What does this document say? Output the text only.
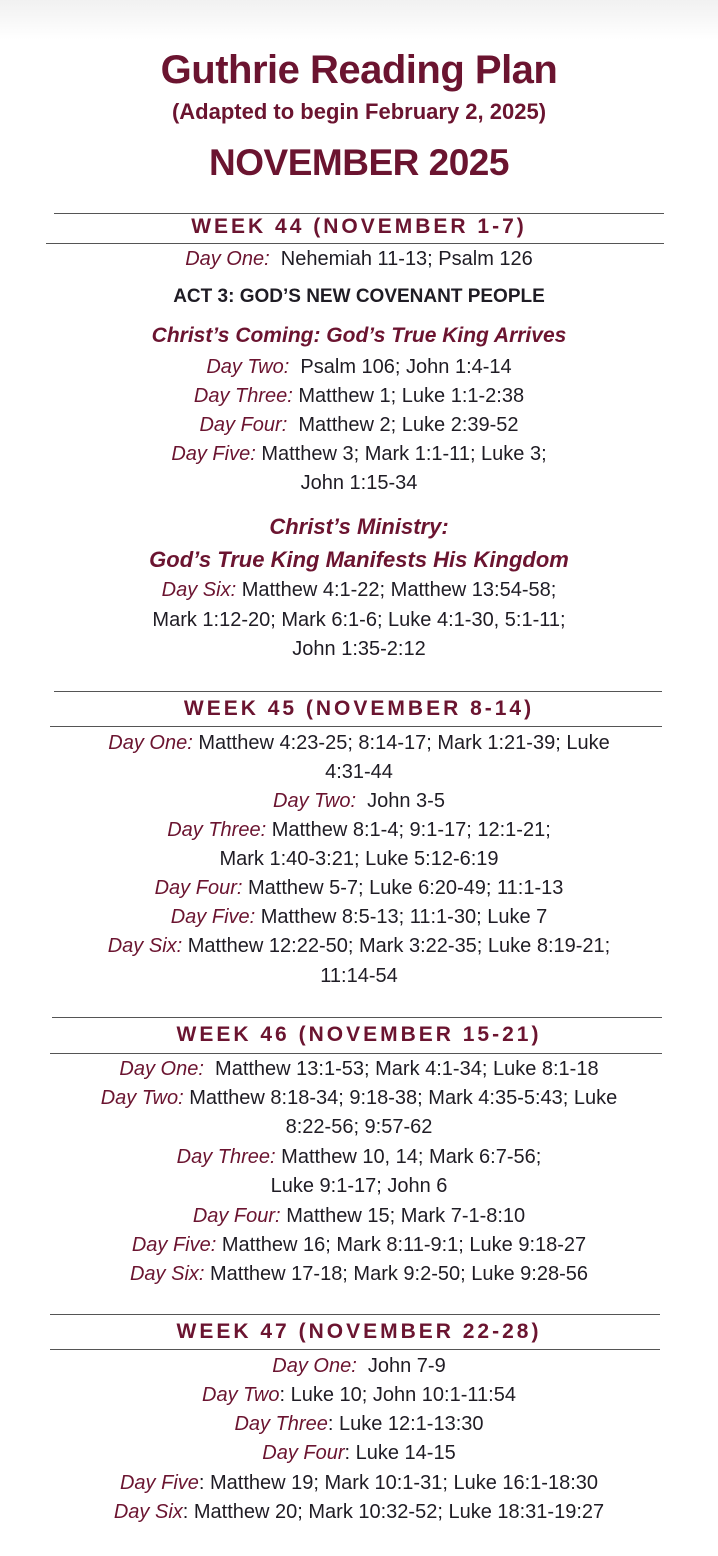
Guthrie Reading Plan
(Adapted to begin February 2, 2025)
NOVEMBER 2025
WEEK 44 (NOVEMBER 1-7)
Day One: Nehemiah 11-13; Psalm 126
ACT 3: GOD’S NEW COVENANT PEOPLE
Christ’s Coming: God’s True King Arrives
Day Two: Psalm 106; John 1:4-14
Day Three: Matthew 1; Luke 1:1-2:38
Day Four: Matthew 2; Luke 2:39-52
Day Five: Matthew 3; Mark 1:1-11; Luke 3;
John 1:15-34
Christ’s Ministry:
God’s True King Manifests His Kingdom
Day Six: Matthew 4:1-22; Matthew 13:54-58;
Mark 1:12-20; Mark 6:1-6; Luke 4:1-30, 5:1-11;
John 1:35-2:12
WEEK 45 (NOVEMBER 8-14)
Day One: Matthew 4:23-25; 8:14-17; Mark 1:21-39; Luke
4:31-44
Day Two: John 3-5
Day Three: Matthew 8:1-4; 9:1-17; 12:1-21;
Mark 1:40-3:21; Luke 5:12-6:19
Day Four: Matthew 5-7; Luke 6:20-49; 11:1-13
Day Five: Matthew 8:5-13; 11:1-30; Luke 7
Day Six: Matthew 12:22-50; Mark 3:22-35; Luke 8:19-21;
11:14-54
WEEK 46 (NOVEMBER 15-21)
Day One: Matthew 13:1-53; Mark 4:1-34; Luke 8:1-18
Day Two: Matthew 8:18-34; 9:18-38; Mark 4:35-5:43; Luke
8:22-56; 9:57-62
Day Three: Matthew 10, 14; Mark 6:7-56;
Luke 9:1-17; John 6
Day Four: Matthew 15; Mark 7-1-8:10
Day Five: Matthew 16; Mark 8:11-9:1; Luke 9:18-27
Day Six: Matthew 17-18; Mark 9:2-50; Luke 9:28-56
WEEK 47 (NOVEMBER 22-28)
Day One: John 7-9
Day Two: Luke 10; John 10:1-11:54
Day Three: Luke 12:1-13:30
Day Four: Luke 14-15
Day Five: Matthew 19; Mark 10:1-31; Luke 16:1-18:30
Day Six: Matthew 20; Mark 10:32-52; Luke 18:31-19:27
